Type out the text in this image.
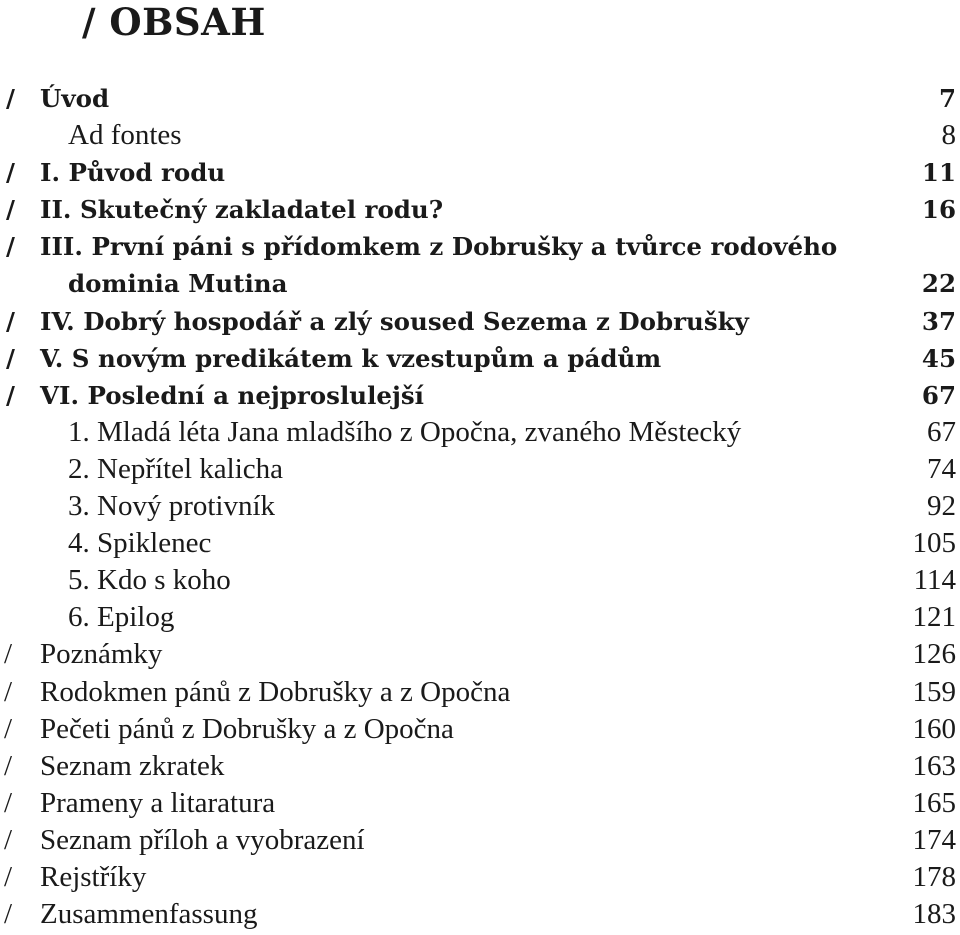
/ OBSAH
/ Úvod	7
Ad fontes	8
/ I. Původ rodu	11
/ II. Skutečný zakladatel rodu?	16
/ III. První páni s přídomkem z Dobrušky a tvůrce rodového
dominia Mutina	22
/ IV. Dobrý hospodář a zlý soused Sezema z Dobrušky	37
/ V. S novým predikátem k vzestupům a pádům	45
/ VI. Poslední a nejproslulejší	67
1. Mladá léta Jana mladšího z Opočna, zvaného Městecký	67
2. Nepřítel kalicha	74
3. Nový protivník	92
4. Spiklenec	105
5. Kdo s koho	114
6. Epilog	121
/ Poznámky	126
/ Rodokmen pánů z Dobrušky a z Opočna	159
/ Pečeti pánů z Dobrušky a z Opočna	160
/ Seznam zkratek	163
/ Prameny a litaratura	165
/ Seznam příloh a vyobrazení	174
/ Rejstříky	178
/ Zusammenfassung	183
